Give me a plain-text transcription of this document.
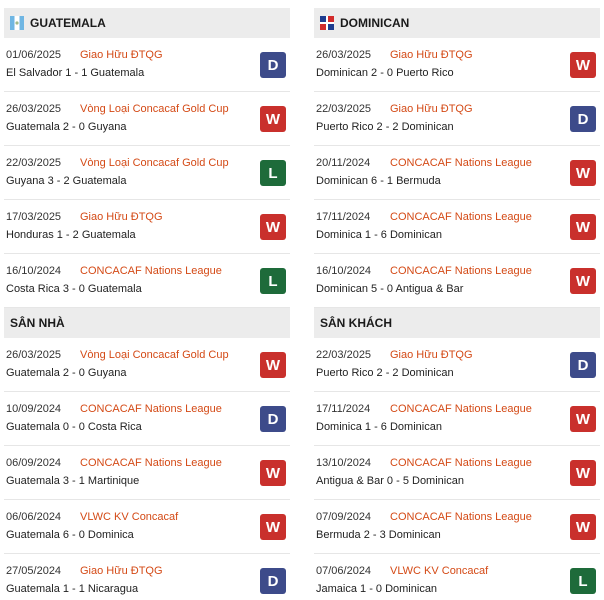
GUATEMALA
01/06/2025 Giao Hữu ĐTQG
El Salvador 1 - 1 Guatemala	D
26/03/2025 Vòng Loại Concacaf Gold Cup
Guatemala 2 - 0 Guyana	W
22/03/2025 Vòng Loại Concacaf Gold Cup
Guyana 3 - 2 Guatemala	L
17/03/2025 Giao Hữu ĐTQG
Honduras 1 - 2 Guatemala	W
16/10/2024 CONCACAF Nations League
Costa Rica 3 - 0 Guatemala	L
SÂN NHÀ
26/03/2025 Vòng Loại Concacaf Gold Cup
Guatemala 2 - 0 Guyana	W
10/09/2024 CONCACAF Nations League
Guatemala 0 - 0 Costa Rica	D
06/09/2024 CONCACAF Nations League
Guatemala 3 - 1 Martinique	W
06/06/2024 VLWC KV Concacaf
Guatemala 6 - 0 Dominica	W
27/05/2024 Giao Hữu ĐTQG
Guatemala 1 - 1 Nicaragua	D
DOMINICAN
26/03/2025 Giao Hữu ĐTQG
Dominican 2 - 0 Puerto Rico	W
22/03/2025 Giao Hữu ĐTQG
Puerto Rico 2 - 2 Dominican	D
20/11/2024 CONCACAF Nations League
Dominican 6 - 1 Bermuda	W
17/11/2024 CONCACAF Nations League
Dominica 1 - 6 Dominican	W
16/10/2024 CONCACAF Nations League
Dominican 5 - 0 Antigua & Bar	W
SÂN KHÁCH
22/03/2025 Giao Hữu ĐTQG
Puerto Rico 2 - 2 Dominican	D
17/11/2024 CONCACAF Nations League
Dominica 1 - 6 Dominican	W
13/10/2024 CONCACAF Nations League
Antigua & Bar 0 - 5 Dominican	W
07/09/2024 CONCACAF Nations League
Bermuda 2 - 3 Dominican	W
07/06/2024 VLWC KV Concacaf
Jamaica 1 - 0 Dominican	L
